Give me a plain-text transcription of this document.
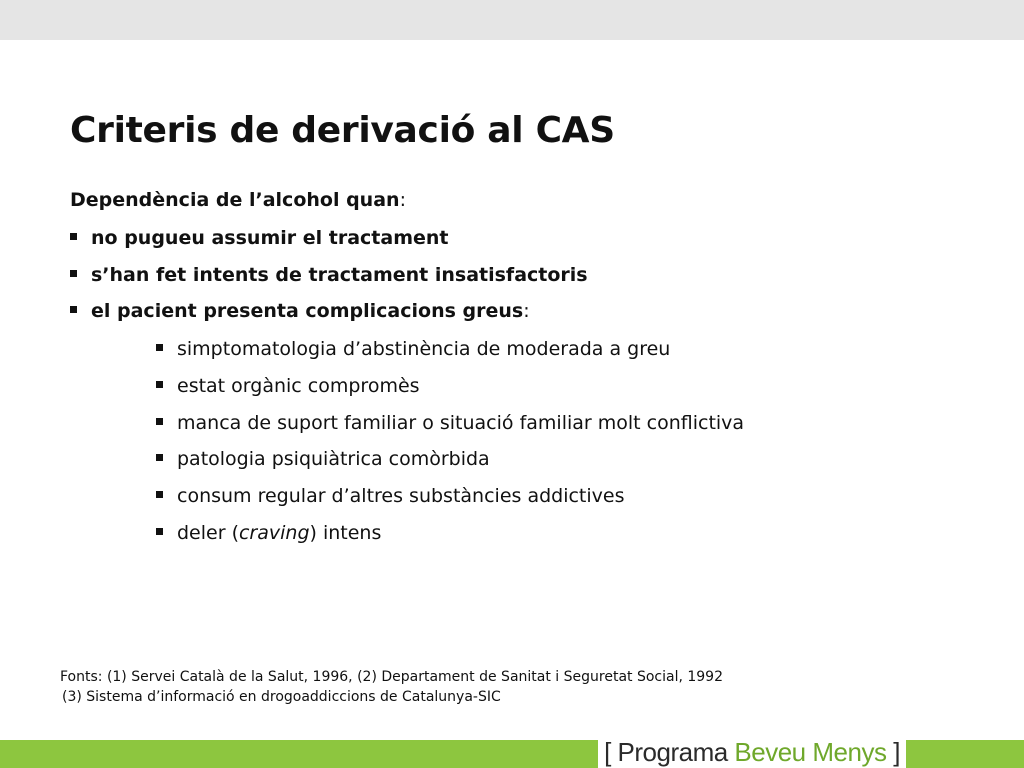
Criteris de derivació al CAS
Dependència de l’alcohol quan:
no pugueu assumir el tractament
s’han fet intents de tractament insatisfactoris
el pacient presenta complicacions greus:
simptomatologia d’abstinència de moderada a greu
estat orgànic compromès
manca de suport familiar o situació familiar molt conflictiva
patologia psiquiàtrica comòrbida
consum regular d’altres substàncies addictives
deler (craving) intens
Fonts: (1) Servei Català de la Salut, 1996, (2) Departament de Sanitat i Seguretat Social, 1992
(3) Sistema d’informació en drogoaddiccions de Catalunya-SIC
[ Programa Beveu Menys ]
